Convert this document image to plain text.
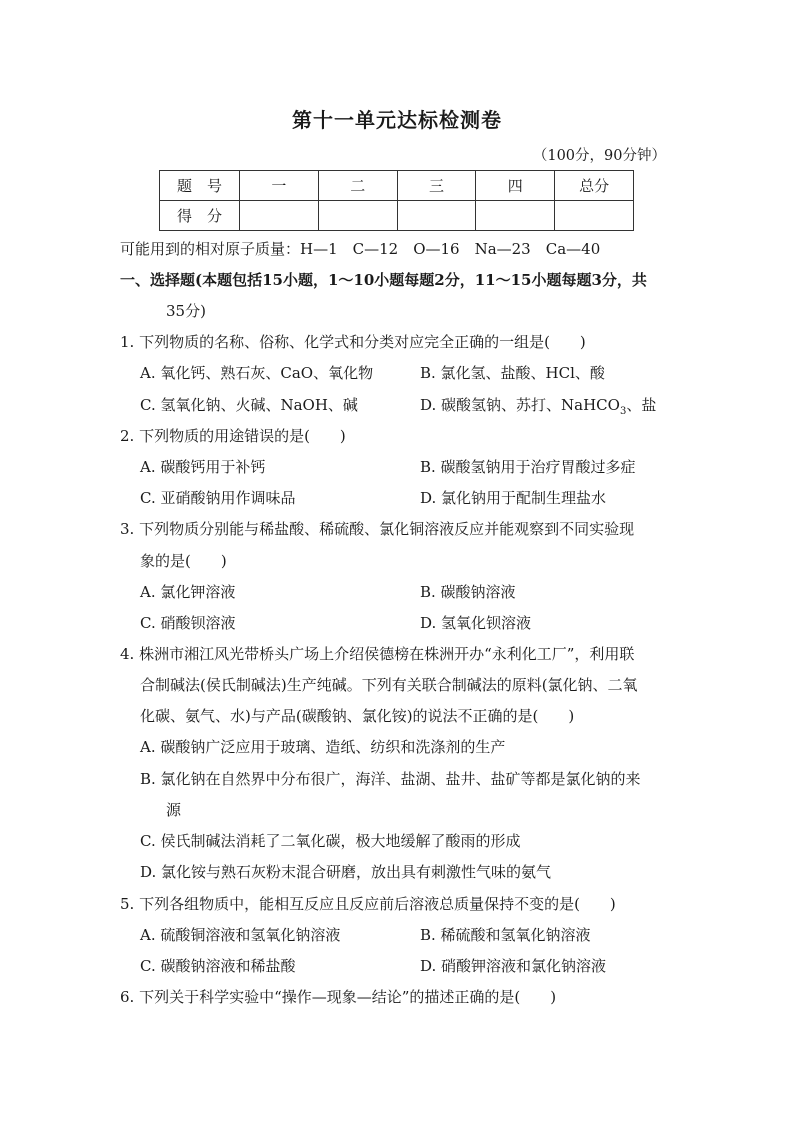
第十一单元达标检测卷
（100分，90分钟）
题　号	一	二	三	四	总分
得　分					
可能用到的相对原子质量：H—1　C—12　O—16　Na—23　Ca—40
一、选择题(本题包括15小题，1～10小题每题2分，11～15小题每题3分，共
35分)
1. 下列物质的名称、俗称、化学式和分类对应完全正确的一组是(　　)
A. 氧化钙、熟石灰、CaO、氧化物	B. 氯化氢、盐酸、HCl、酸
C. 氢氧化钠、火碱、NaOH、碱	D. 碳酸氢钠、苏打、NaHCO$_3$、盐
2. 下列物质的用途错误的是(　　)
A. 碳酸钙用于补钙	B. 碳酸氢钠用于治疗胃酸过多症
C. 亚硝酸钠用作调味品	D. 氯化钠用于配制生理盐水
3. 下列物质分别能与稀盐酸、稀硫酸、氯化铜溶液反应并能观察到不同实验现
象的是(　　)
A. 氯化钾溶液	B. 碳酸钠溶液
C. 硝酸钡溶液	D. 氢氧化钡溶液
4. 株洲市湘江风光带桥头广场上介绍侯德榜在株洲开办“永利化工厂”，利用联
合制碱法(侯氏制碱法)生产纯碱。下列有关联合制碱法的原料(氯化钠、二氧
化碳、氨气、水)与产品(碳酸钠、氯化铵)的说法不正确的是(　　)
A. 碳酸钠广泛应用于玻璃、造纸、纺织和洗涤剂的生产
B. 氯化钠在自然界中分布很广，海洋、盐湖、盐井、盐矿等都是氯化钠的来
源
C. 侯氏制碱法消耗了二氧化碳，极大地缓解了酸雨的形成
D. 氯化铵与熟石灰粉末混合研磨，放出具有刺激性气味的氨气
5. 下列各组物质中，能相互反应且反应前后溶液总质量保持不变的是(　　)
A. 硫酸铜溶液和氢氧化钠溶液	B. 稀硫酸和氢氧化钠溶液
C. 碳酸钠溶液和稀盐酸	D. 硝酸钾溶液和氯化钠溶液
6. 下列关于科学实验中“操作—现象—结论”的描述正确的是(　　)
